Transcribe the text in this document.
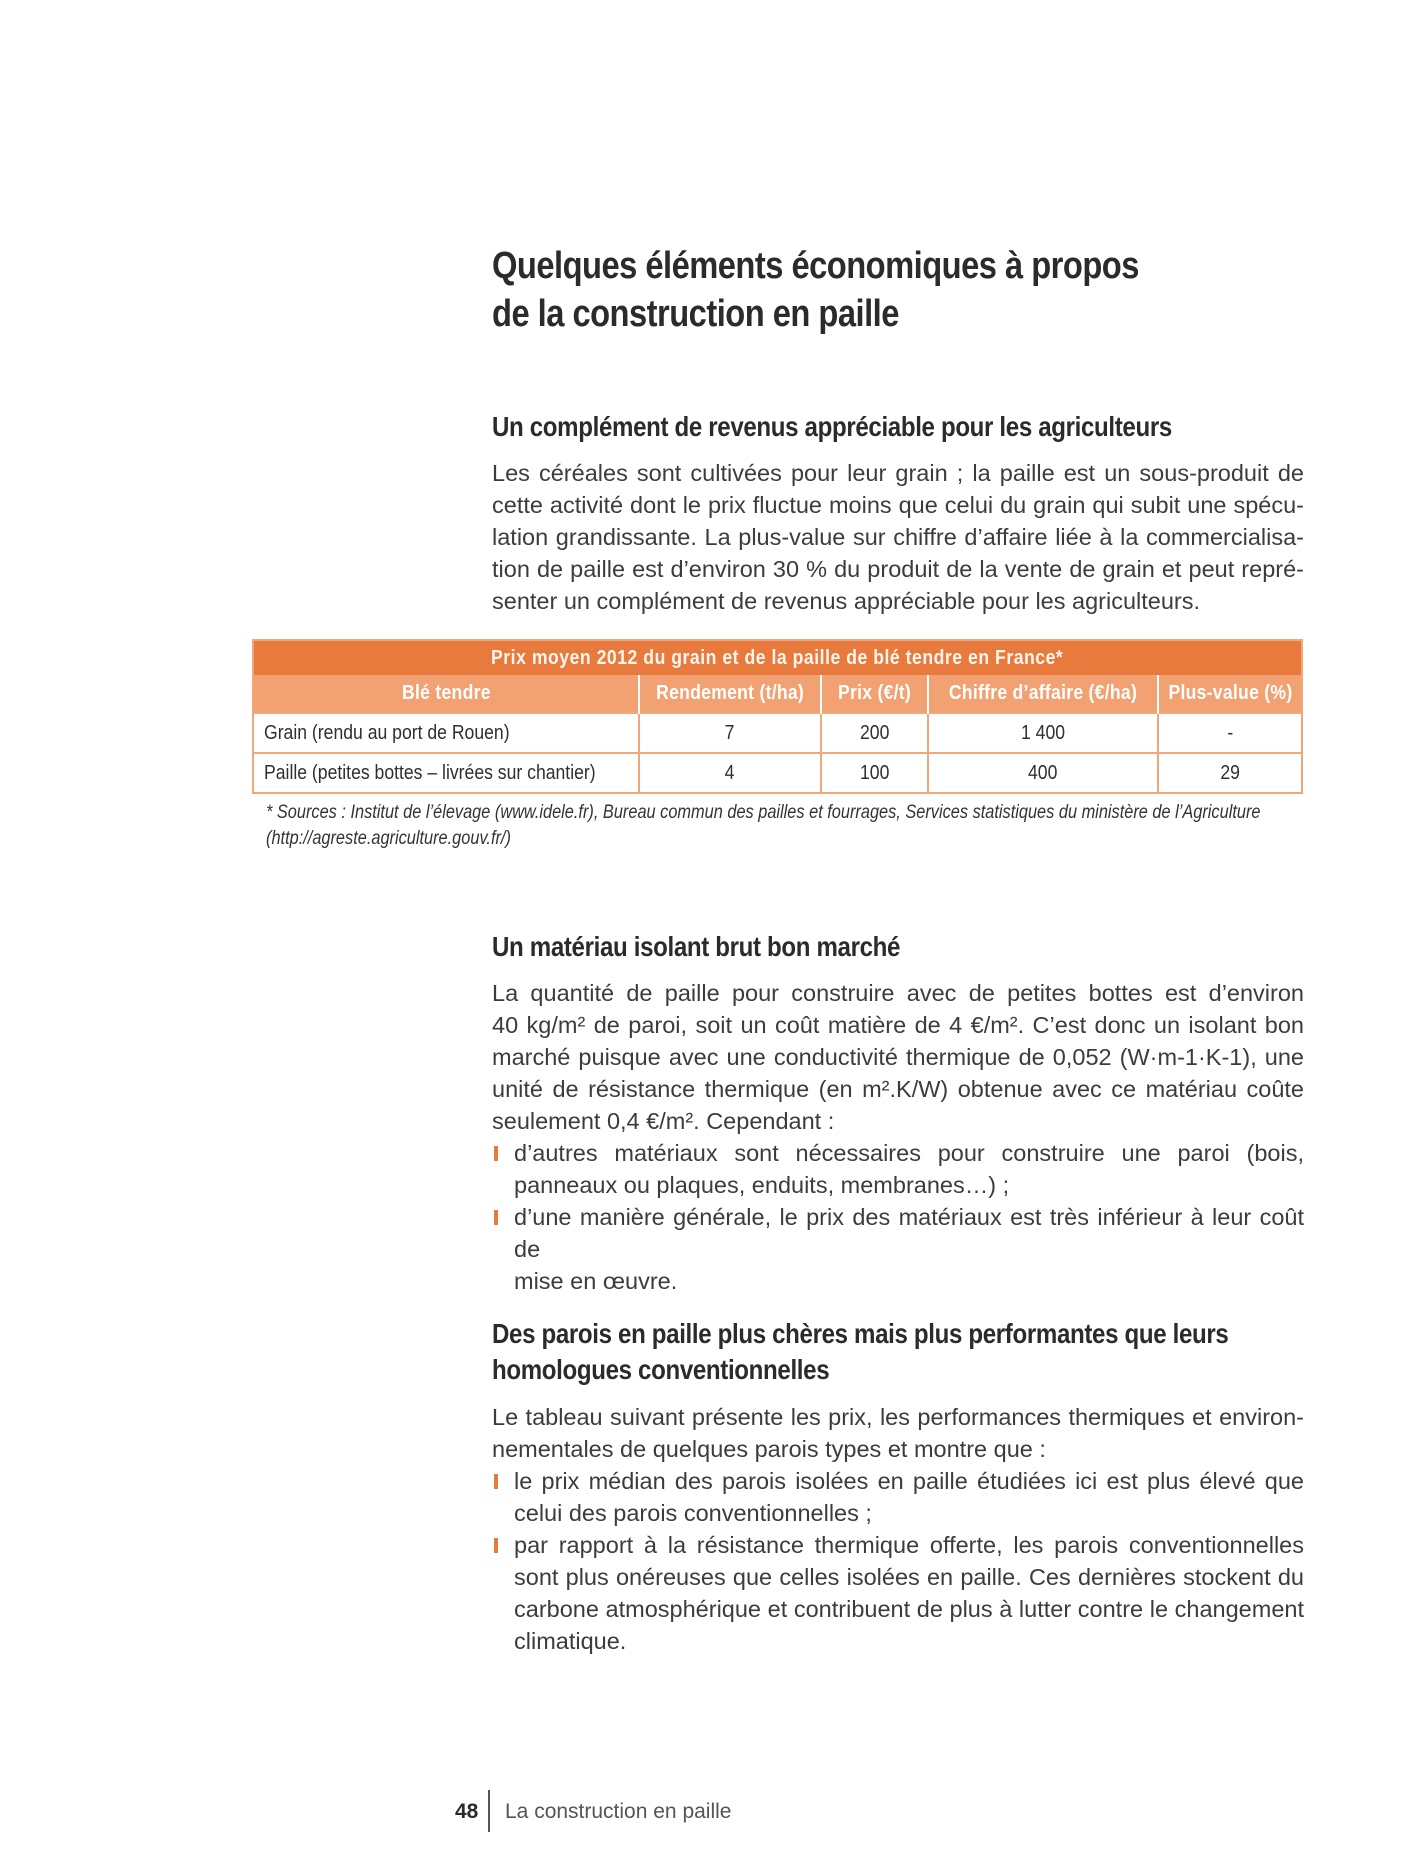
Quelques éléments économiques à propos
de la construction en paille
Un complément de revenus appréciable pour les agriculteurs

Les céréales sont cultivées pour leur grain ; la paille est un sous-produit de

cette activité dont le prix fluctue moins que celui du grain qui subit une spécu-

lation grandissante. La plus-value sur chiffre d’affaire liée à la commercialisa-

tion de paille est d’environ 30 % du produit de la vente de grain et peut repré-

senter un complément de revenus appréciable pour les agriculteurs.

Prix moyen 2012 du grain et de la paille de blé tendre en France*				
Blé tendre	Rendement (t/ha)	Prix (€/t)	Chiffre d’affaire (€/ha)	Plus-value (%)
Grain (rendu au port de Rouen)	7	200	1 400	-
Paille (petites bottes – livrées sur chantier)	4	100	400	29
* Sources : Institut de l’élevage (www.idele.fr), Bureau commun des pailles et fourrages, Services statistiques du ministère de l’Agriculture
(http://agreste.agriculture.gouv.fr/)
Un matériau isolant brut bon marché

La quantité de paille pour construire avec de petites bottes est d’environ

40 kg/m² de paroi, soit un coût matière de 4 €/m². C’est donc un isolant bon

marché puisque avec une conductivité thermique de 0,052 (W·m-1·K-1), une

unité de résistance thermique (en m².K/W) obtenue avec ce matériau coûte

seulement 0,4 €/m². Cependant :

d’autres matériaux sont nécessaires pour construire une paroi (bois,
panneaux ou plaques, enduits, membranes…) ;
d’une manière générale, le prix des matériaux est très inférieur à leur coût de
mise en œuvre.
Des parois en paille plus chères mais plus performantes que leurs
homologues conventionnelles

Le tableau suivant présente les prix, les performances thermiques et environ-

nementales de quelques parois types et montre que :

le prix médian des parois isolées en paille étudiées ici est plus élevé que
celui des parois conventionnelles ;
par rapport à la résistance thermique offerte, les parois conventionnelles
sont plus onéreuses que celles isolées en paille. Ces dernières stockent du
carbone atmosphérique et contribuent de plus à lutter contre le changement
climatique.
48 La construction en paille
